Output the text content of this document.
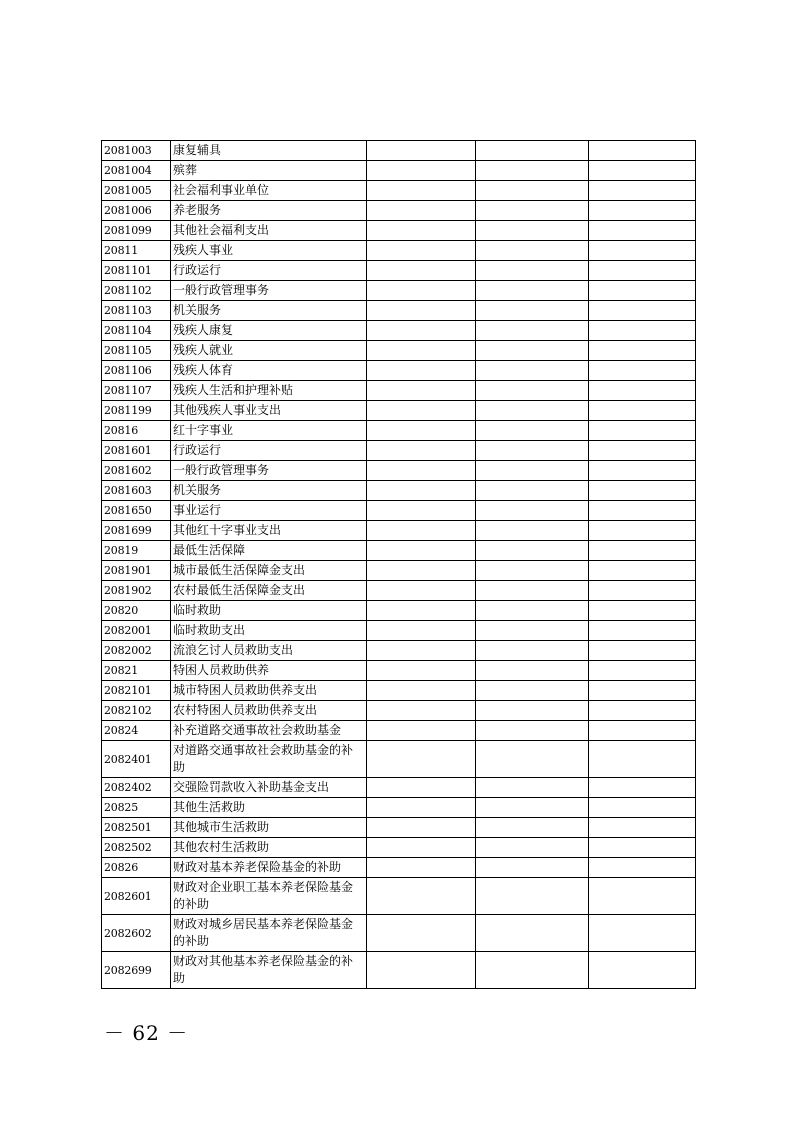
2081003	康复辅具			
2081004	殡葬			
2081005	社会福利事业单位			
2081006	养老服务			
2081099	其他社会福利支出			
20811	残疾人事业			
2081101	行政运行			
2081102	一般行政管理事务			
2081103	机关服务			
2081104	残疾人康复			
2081105	残疾人就业			
2081106	残疾人体育			
2081107	残疾人生活和护理补贴			
2081199	其他残疾人事业支出			
20816	红十字事业			
2081601	行政运行			
2081602	一般行政管理事务			
2081603	机关服务			
2081650	事业运行			
2081699	其他红十字事业支出			
20819	最低生活保障			
2081901	城市最低生活保障金支出			
2081902	农村最低生活保障金支出			
20820	临时救助			
2082001	临时救助支出			
2082002	流浪乞讨人员救助支出			
20821	特困人员救助供养			
2082101	城市特困人员救助供养支出			
2082102	农村特困人员救助供养支出			
20824	补充道路交通事故社会救助基金			
2082401	对道路交通事故社会救助基金的补助			
2082402	交强险罚款收入补助基金支出			
20825	其他生活救助			
2082501	其他城市生活救助			
2082502	其他农村生活救助			
20826	财政对基本养老保险基金的补助			
2082601	财政对企业职工基本养老保险基金的补助			
2082602	财政对城乡居民基本养老保险基金的补助			
2082699	财政对其他基本养老保险基金的补助			
－ 62 －
